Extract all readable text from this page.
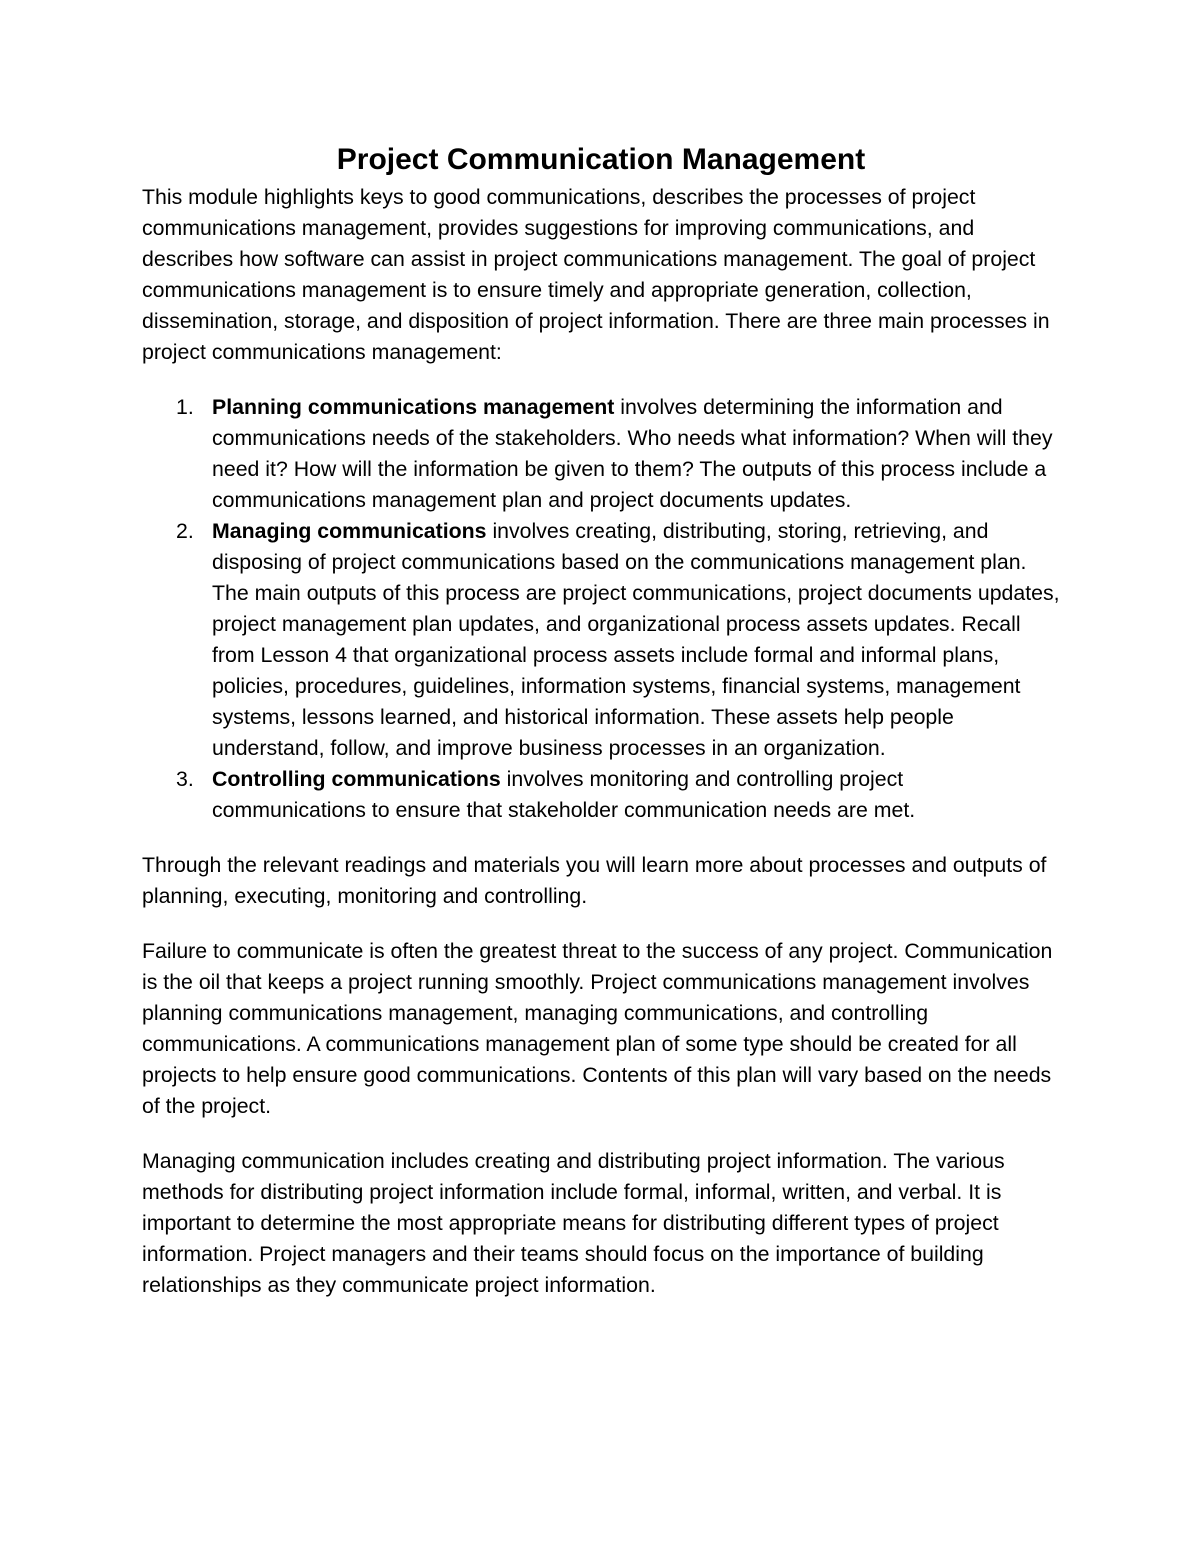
Project Communication Management

This module highlights keys to good communications, describes the processes of project communications management, provides suggestions for improving communications, and describes how software can assist in project communications management. The goal of project communications management is to ensure timely and appropriate generation, collection, dissemination, storage, and disposition of project information. There are three main processes in project communications management:

1. Planning communications management involves determining the information and communications needs of the stakeholders. Who needs what information? When will they need it? How will the information be given to them? The outputs of this process include a communications management plan and project documents updates.
2. Managing communications involves creating, distributing, storing, retrieving, and disposing of project communications based on the communications management plan. The main outputs of this process are project communications, project documents updates, project management plan updates, and organizational process assets updates. Recall from Lesson 4 that organizational process assets include formal and informal plans, policies, procedures, guidelines, information systems, financial systems, management systems, lessons learned, and historical information. These assets help people understand, follow, and improve business processes in an organization.
3. Controlling communications involves monitoring and controlling project communications to ensure that stakeholder communication needs are met.

Through the relevant readings and materials you will learn more about processes and outputs of planning, executing, monitoring and controlling.

Failure to communicate is often the greatest threat to the success of any project. Communication is the oil that keeps a project running smoothly. Project communications management involves planning communications management, managing communications, and controlling communications. A communications management plan of some type should be created for all projects to help ensure good communications. Contents of this plan will vary based on the needs of the project.

Managing communication includes creating and distributing project information. The various methods for distributing project information include formal, informal, written, and verbal. It is important to determine the most appropriate means for distributing different types of project information. Project managers and their teams should focus on the importance of building relationships as they communicate project information.
